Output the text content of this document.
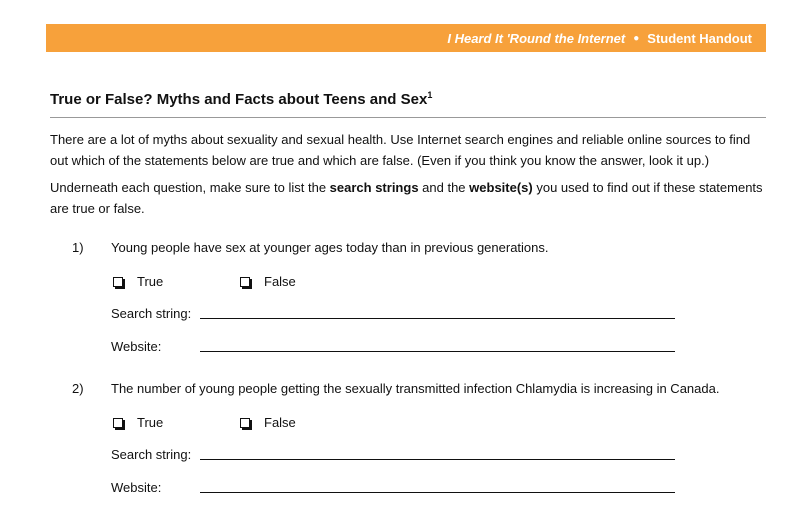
I Heard It 'Round the Internet ● Student Handout
True or False? Myths and Facts about Teens and Sex$^1$
There are a lot of myths about sexuality and sexual health. Use Internet search engines and reliable online sources to find out which of the statements below are true and which are false. (Even if you think you know the answer, look it up.)
Underneath each question, make sure to list the search strings and the website(s) you used to find out if these statements are true or false.
1) Young people have sex at younger ages today than in previous generations.
True	False
Search string:
Website:
2) The number of young people getting the sexually transmitted infection Chlamydia is increasing in Canada.
True	False
Search string:
Website:
